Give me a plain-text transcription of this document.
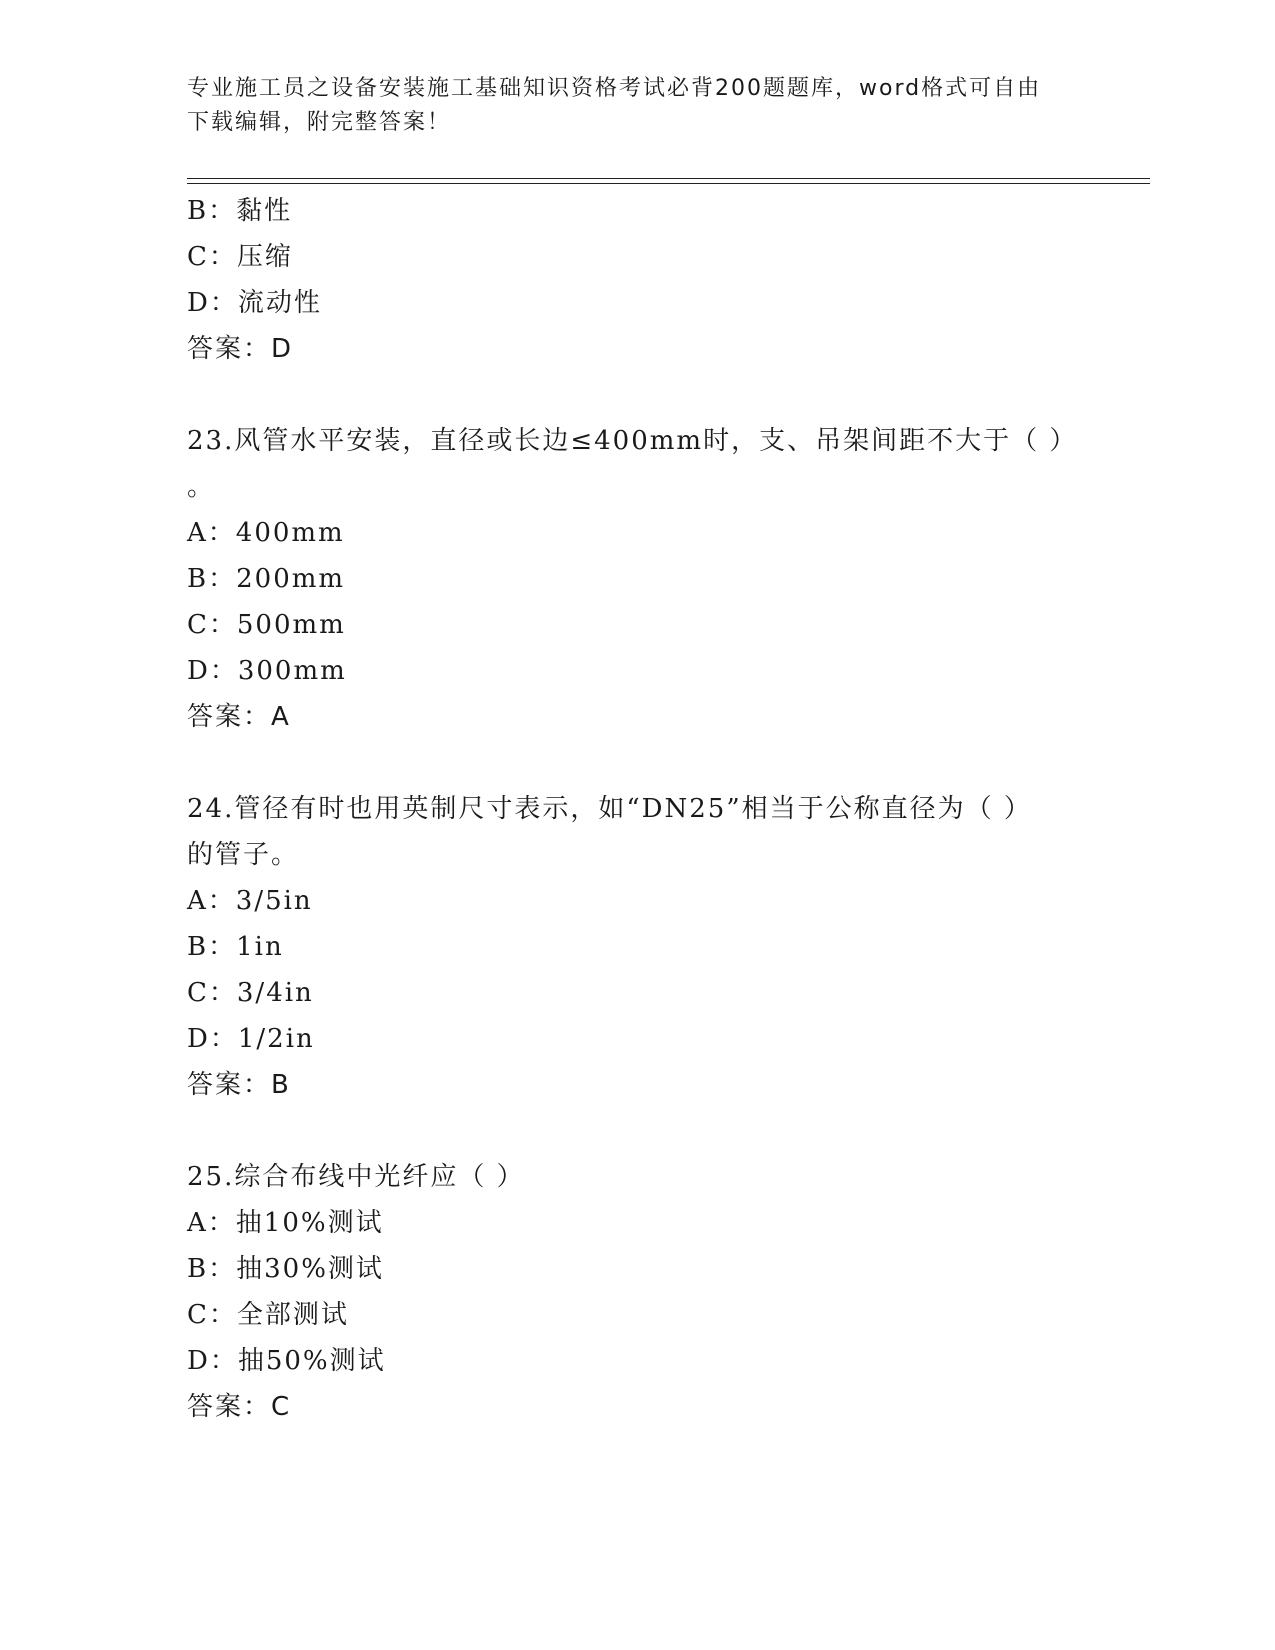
专业施工员之设备安装施工基础知识资格考试必背200题题库，word格式可自由
下载编辑，附完整答案！
B：黏性
C：压缩
D：流动性
答案：D
23.风管水平安装，直径或长边≤400mm时，支、吊架间距不大于（ ）
。
A：400mm
B：200mm
C：500mm
D：300mm
答案：A
24.管径有时也用英制尺寸表示，如“DN25”相当于公称直径为（ ）
的管子。
A：3/5in
B：1in
C：3/4in
D：1/2in
答案：B
25.综合布线中光纤应（ ）
A：抽10%测试
B：抽30%测试
C：全部测试
D：抽50%测试
答案：C
